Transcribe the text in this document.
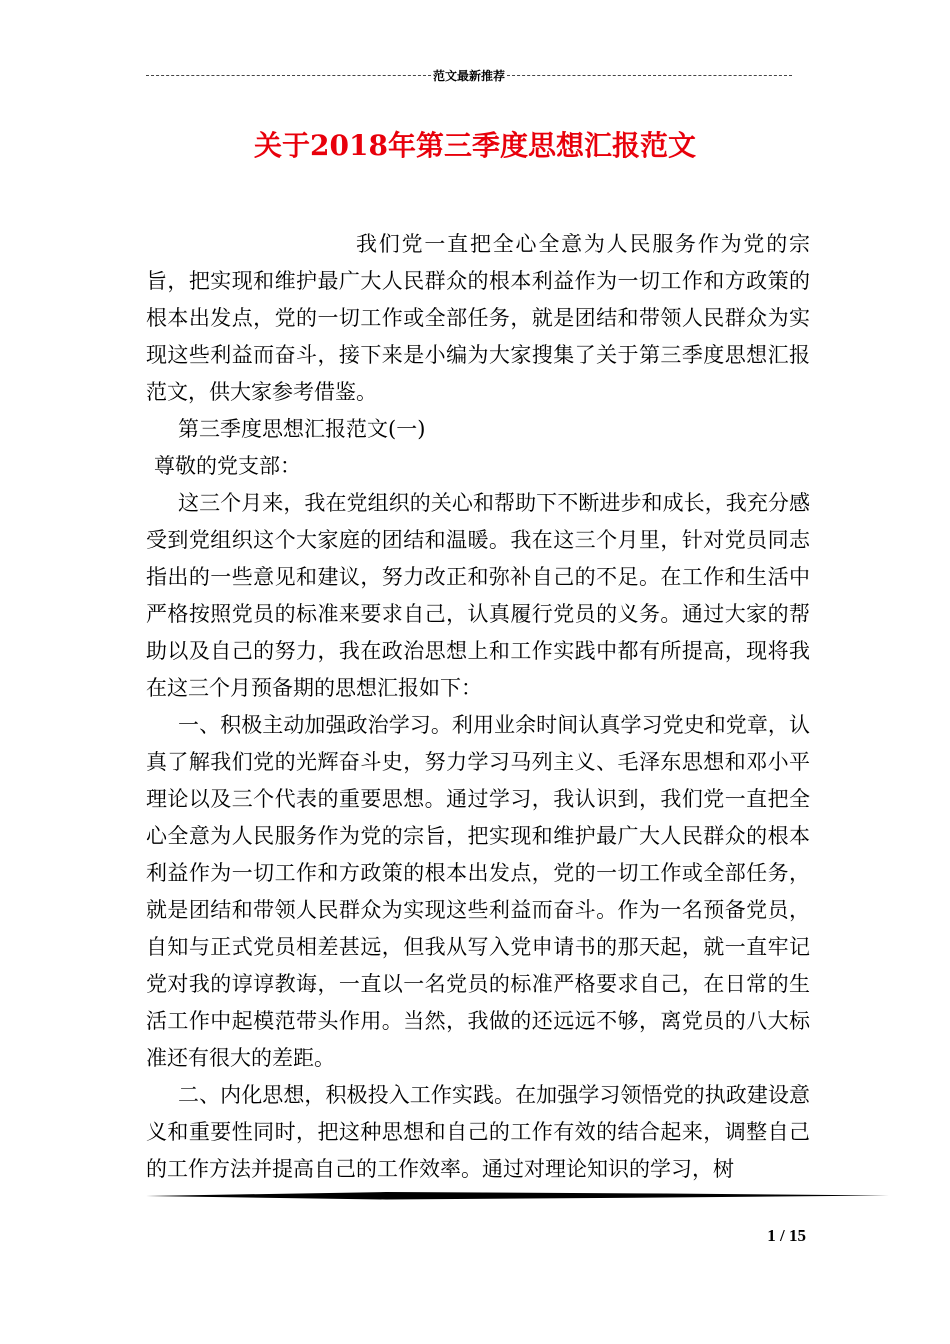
范文最新推荐
关于2018年第三季度思想汇报范文

我们党一直把全心全意为人民服务作为党的宗旨，把实现和维护最广大人民群众的根本利益作为一切工作和方政策的根本出发点，党的一切工作或全部任务，就是团结和带领人民群众为实现这些利益而奋斗，接下来是小编为大家搜集了关于第三季度思想汇报范文，供大家参考借鉴。

第三季度思想汇报范文(一)

尊敬的党支部：

这三个月来，我在党组织的关心和帮助下不断进步和成长，我充分感受到党组织这个大家庭的团结和温暖。我在这三个月里，针对党员同志指出的一些意见和建议，努力改正和弥补自己的不足。在工作和生活中严格按照党员的标准来要求自己，认真履行党员的义务。通过大家的帮助以及自己的努力，我在政治思想上和工作实践中都有所提高，现将我在这三个月预备期的思想汇报如下：

一、积极主动加强政治学习。利用业余时间认真学习党史和党章，认真了解我们党的光辉奋斗史，努力学习马列主义、毛泽东思想和邓小平理论以及三个代表的重要思想。通过学习，我认识到，我们党一直把全心全意为人民服务作为党的宗旨，把实现和维护最广大人民群众的根本利益作为一切工作和方政策的根本出发点，党的一切工作或全部任务，就是团结和带领人民群众为实现这些利益而奋斗。作为一名预备党员，自知与正式党员相差甚远，但我从写入党申请书的那天起，就一直牢记党对我的谆谆教诲，一直以一名党员的标准严格要求自己，在日常的生活工作中起模范带头作用。当然，我做的还远远不够，离党员的八大标准还有很大的差距。

二、内化思想，积极投入工作实践。在加强学习领悟党的执政建设意义和重要性同时，把这种思想和自己的工作有效的结合起来，调整自己的工作方法并提高自己的工作效率。通过对理论知识的学习，树

1 / 15
